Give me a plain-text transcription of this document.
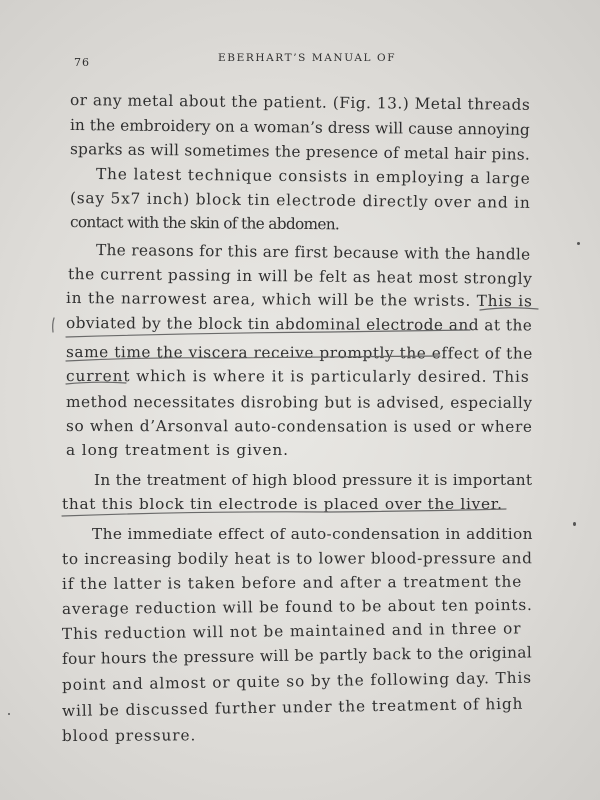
76	EBERHART’S MANUAL OF
or any metal about the patient. (Fig. 13.) Metal threads
in the embroidery on a woman’s dress will cause annoying
sparks as will sometimes the presence of metal hair pins.
The latest technique consists in employing a large
(say 5x7 inch) block tin electrode directly over and in
contact with the skin of the abdomen.
The reasons for this are first because with the handle
the current passing in will be felt as heat most strongly
in the narrowest area, which will be the wrists. This is
obviated by the block tin abdominal electrode and at the
same time the viscera receive promptly the effect of the
current which is where it is particularly desired. This
method necessitates disrobing but is advised, especially
so when d’Arsonval auto-condensation is used or where
a long treatment is given.
In the treatment of high blood pressure it is important
that this block tin electrode is placed over the liver.
The immediate effect of auto-condensation in addition
to increasing bodily heat is to lower blood-pressure and
if the latter is taken before and after a treatment the
average reduction will be found to be about ten points.
This reduction will not be maintained and in three or
four hours the pressure will be partly back to the original
point and almost or quite so by the following day. This
will be discussed further under the treatment of high
blood pressure.
